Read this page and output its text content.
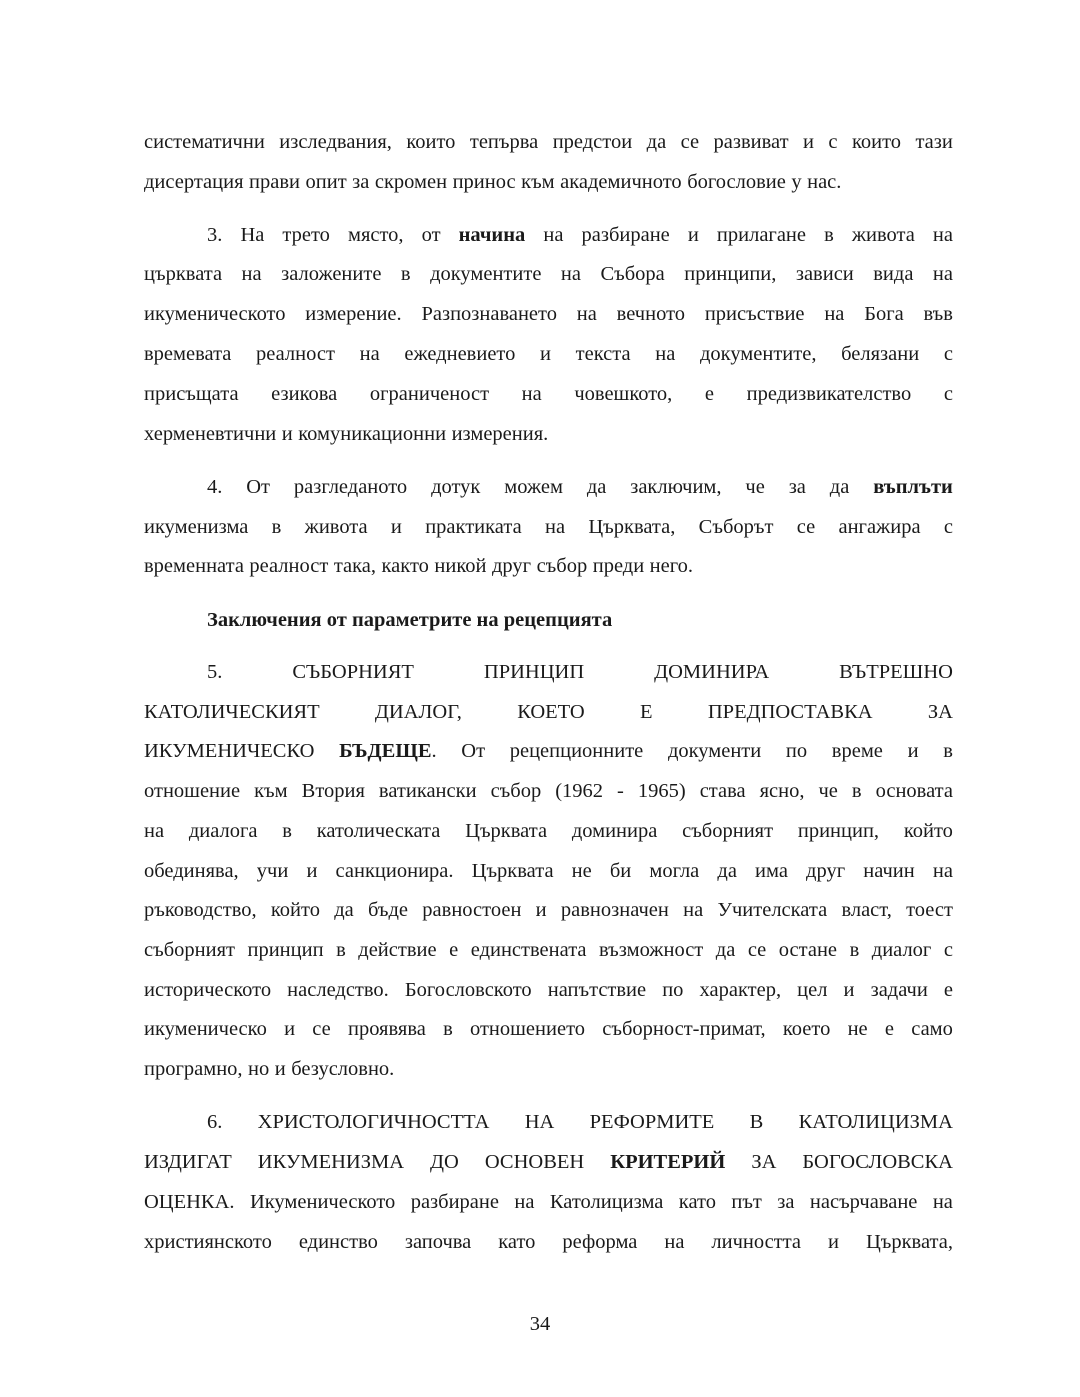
систематични изследвания, които тепърва предстои да се развиват и с които тази
дисертация прави опит за скромен принос към академичното богословие у нас.
3. На трето място, от начина на разбиране и прилагане в живота на
църквата на заложените в документите на Събора принципи, зависи вида на
икуменическото измерение. Разпознаването на вечното присъствие на Бога във
времевата реалност на ежедневието и текста на документите, белязани с
присъщата езикова ограниченост на човешкото, е предизвикателство с
херменевтични и комуникационни измерения.
4. От разгледаното дотук можем да заключим, че за да въплъти
икуменизма в живота и практиката на Църквата, Съборът се ангажира с
временната реалност така, както никой друг събор преди него.
5.	СЪБОРНИЯТ	ПРИНЦИП	ДОМИНИРА	ВЪТРЕШНО
КАТОЛИЧЕСКИЯТ	ДИАЛОГ,	КОЕТО	Е	ПРЕДПОСТАВКА	ЗА
ИКУМЕНИЧЕСКО БЪДЕЩЕ. От рецепционните документи по време и в
отношение към Втория ватикански събор (1962 - 1965) става ясно, че в основата
на диалога в католическата Църквата доминира съборният принцип, който
обединява, учи и санкционира. Църквата не би могла да има друг начин на
ръководство, който да бъде равностоен и равнозначен на Учителската власт, тоест
съборният принцип в действие е единствената възможност да се остане в диалог с
историческото наследство. Богословското напътствие по характер, цел и задачи е
икуменическо и се проявява в отношението съборност-примат, което не е само
програмно, но и безусловно.
6. ХРИСТОЛОГИЧНОСТТА НА РЕФОРМИТЕ В КАТОЛИЦИЗМА
ИЗДИГАТ ИКУМЕНИЗМА ДО ОСНОВЕН КРИТЕРИЙ ЗА БОГОСЛОВСКА
ОЦЕНКА. Икуменическото разбиране на Католицизма като път за насърчаване на
християнското единство започва като реформа на личността и Църквата,
Заключения от параметрите на рецепцията
34
